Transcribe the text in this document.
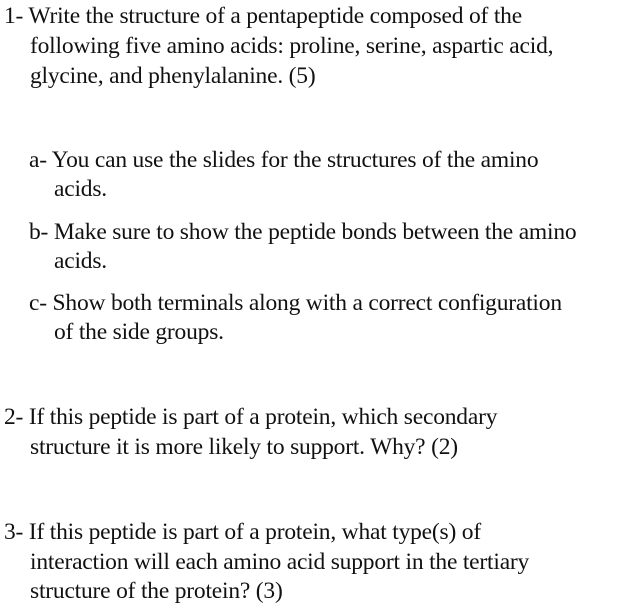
1- Write the structure of a pentapeptide composed of the
following five amino acids: proline, serine, aspartic acid,
glycine, and phenylalanine. (5)
a- You can use the slides for the structures of the amino
acids.
b- Make sure to show the peptide bonds between the amino
acids.
c- Show both terminals along with a correct configuration
of the side groups.
2- If this peptide is part of a protein, which secondary
structure it is more likely to support. Why? (2)
3- If this peptide is part of a protein, what type(s) of
interaction will each amino acid support in the tertiary
structure of the protein? (3)
